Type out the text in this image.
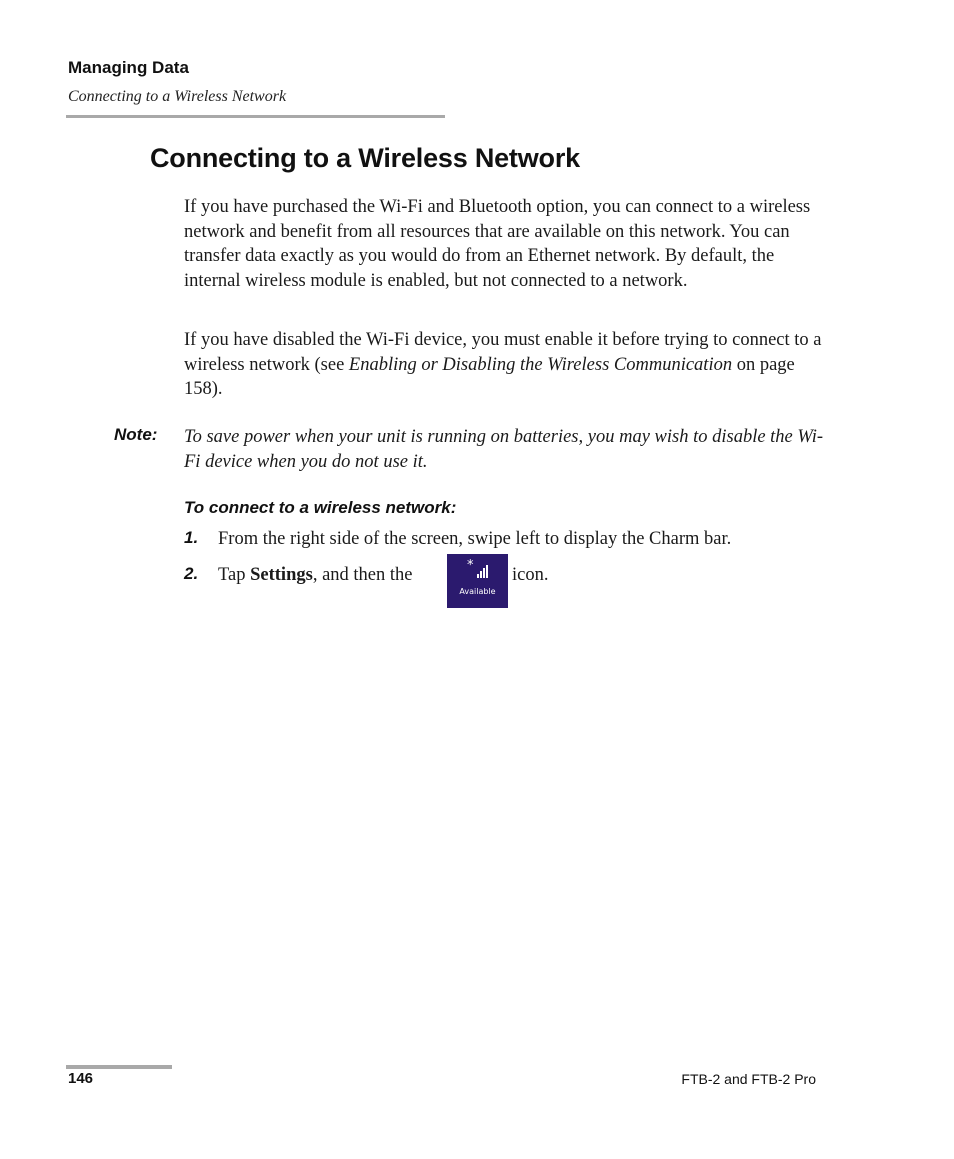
Managing Data
Connecting to a Wireless Network
Connecting to a Wireless Network

If you have purchased the Wi-Fi and Bluetooth option, you can connect to a wireless network and benefit from all resources that are available on this network. You can transfer data exactly as you would do from an Ethernet network. By default, the internal wireless module is enabled, but not connected to a network.

If you have disabled the Wi-Fi device, you must enable it before trying to connect to a wireless network (see Enabling or Disabling the Wireless Communication on page 158).

Note: To save power when your unit is running on batteries, you may wish to disable the Wi-Fi device when you do not use it.

To connect to a wireless network:
1. From the right side of the screen, swipe left to display the Charm bar.
2. Tap Settings, and then the	*
Available
icon.
146	FTB-2 and FTB-2 Pro
